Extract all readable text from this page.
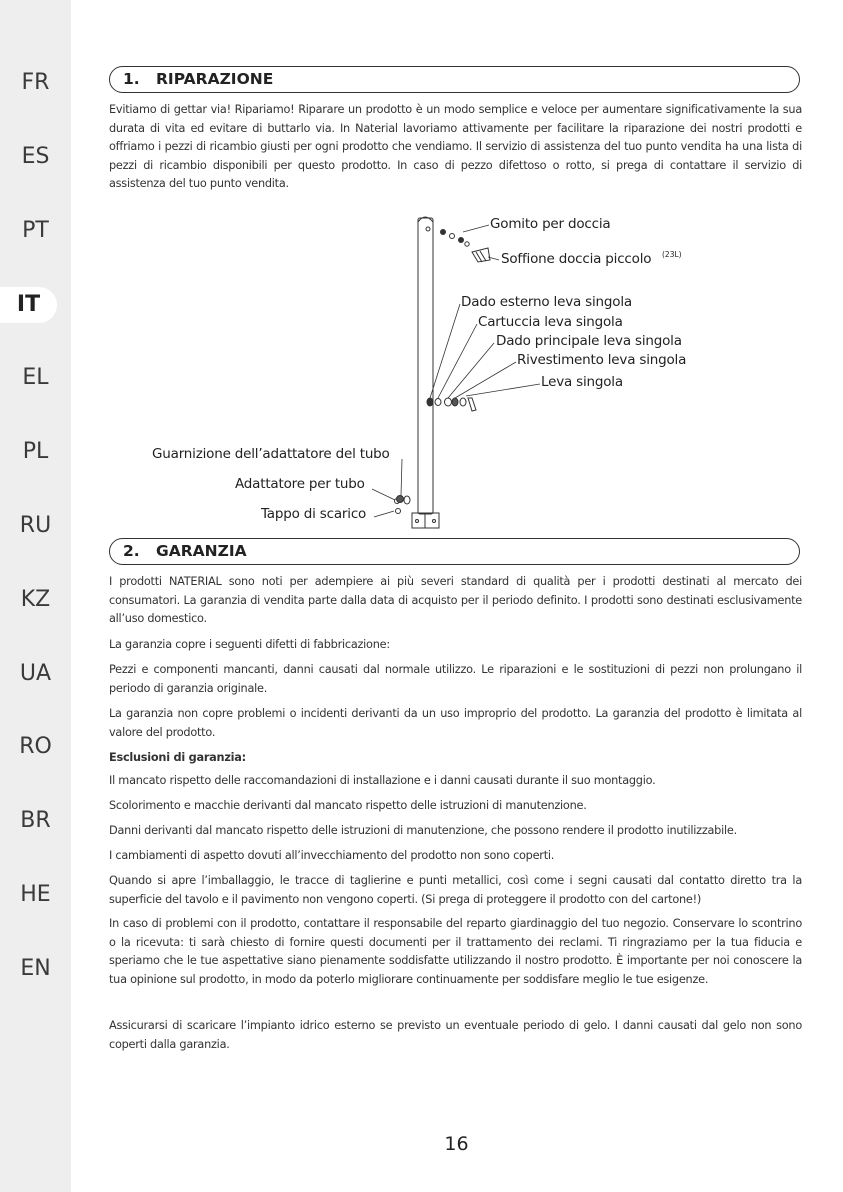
FR
ES
PT
IT
EL
PL
RU
KZ
UA
RO
BR
HE
EN
1. RIPARAZIONE
Evitiamo di gettar via! Ripariamo! Riparare un prodotto è un modo semplice e veloce per aumentare significativamente la sua durata di vita ed evitare di buttarlo via. In Naterial lavoriamo attivamente per facilitare la riparazione dei nostri prodotti e offriamo i pezzi di ricambio giusti per ogni prodotto che vendiamo. Il servizio di assistenza del tuo punto vendita ha una lista di pezzi di ricambio disponibili per questo prodotto. In caso di pezzo difettoso o rotto, si prega di contattare il servizio di assistenza del tuo punto vendita.
Gomito per doccia
Soffione doccia piccolo (23L)
Dado esterno leva singola
Cartuccia leva singola
Dado principale leva singola
Rivestimento leva singola
Leva singola
Guarnizione dell’adattatore del tubo
Adattatore per tubo
Tappo di scarico
2. GARANZIA
I prodotti NATERIAL sono noti per adempiere ai più severi standard di qualità per i prodotti destinati al mercato dei consumatori. La garanzia di vendita parte dalla data di acquisto per il periodo definito. I prodotti sono destinati esclusivamente all’uso domestico.
La garanzia copre i seguenti difetti di fabbricazione:
Pezzi e componenti mancanti, danni causati dal normale utilizzo. Le riparazioni e le sostituzioni di pezzi non prolungano il periodo di garanzia originale.
La garanzia non copre problemi o incidenti derivanti da un uso improprio del prodotto. La garanzia del prodotto è limitata al valore del prodotto.
Esclusioni di garanzia:
Il mancato rispetto delle raccomandazioni di installazione e i danni causati durante il suo montaggio.
Scolorimento e macchie derivanti dal mancato rispetto delle istruzioni di manutenzione.
Danni derivanti dal mancato rispetto delle istruzioni di manutenzione, che possono rendere il prodotto inutilizzabile.
I cambiamenti di aspetto dovuti all’invecchiamento del prodotto non sono coperti.
Quando si apre l’imballaggio, le tracce di taglierine e punti metallici, così come i segni causati dal contatto diretto tra la superficie del tavolo e il pavimento non vengono coperti. (Si prega di proteggere il prodotto con del cartone!)
In caso di problemi con il prodotto, contattare il responsabile del reparto giardinaggio del tuo negozio. Conservare lo scontrino o la ricevuta: ti sarà chiesto di fornire questi documenti per il trattamento dei reclami. Ti ringraziamo per la tua fiducia e speriamo che le tue aspettative siano pienamente soddisfatte utilizzando il nostro prodotto. È importante per noi conoscere la tua opinione sul prodotto, in modo da poterlo migliorare continuamente per soddisfare meglio le tue esigenze.
Assicurarsi di scaricare l’impianto idrico esterno se previsto un eventuale periodo di gelo. I danni causati dal gelo non sono coperti dalla garanzia.
16
